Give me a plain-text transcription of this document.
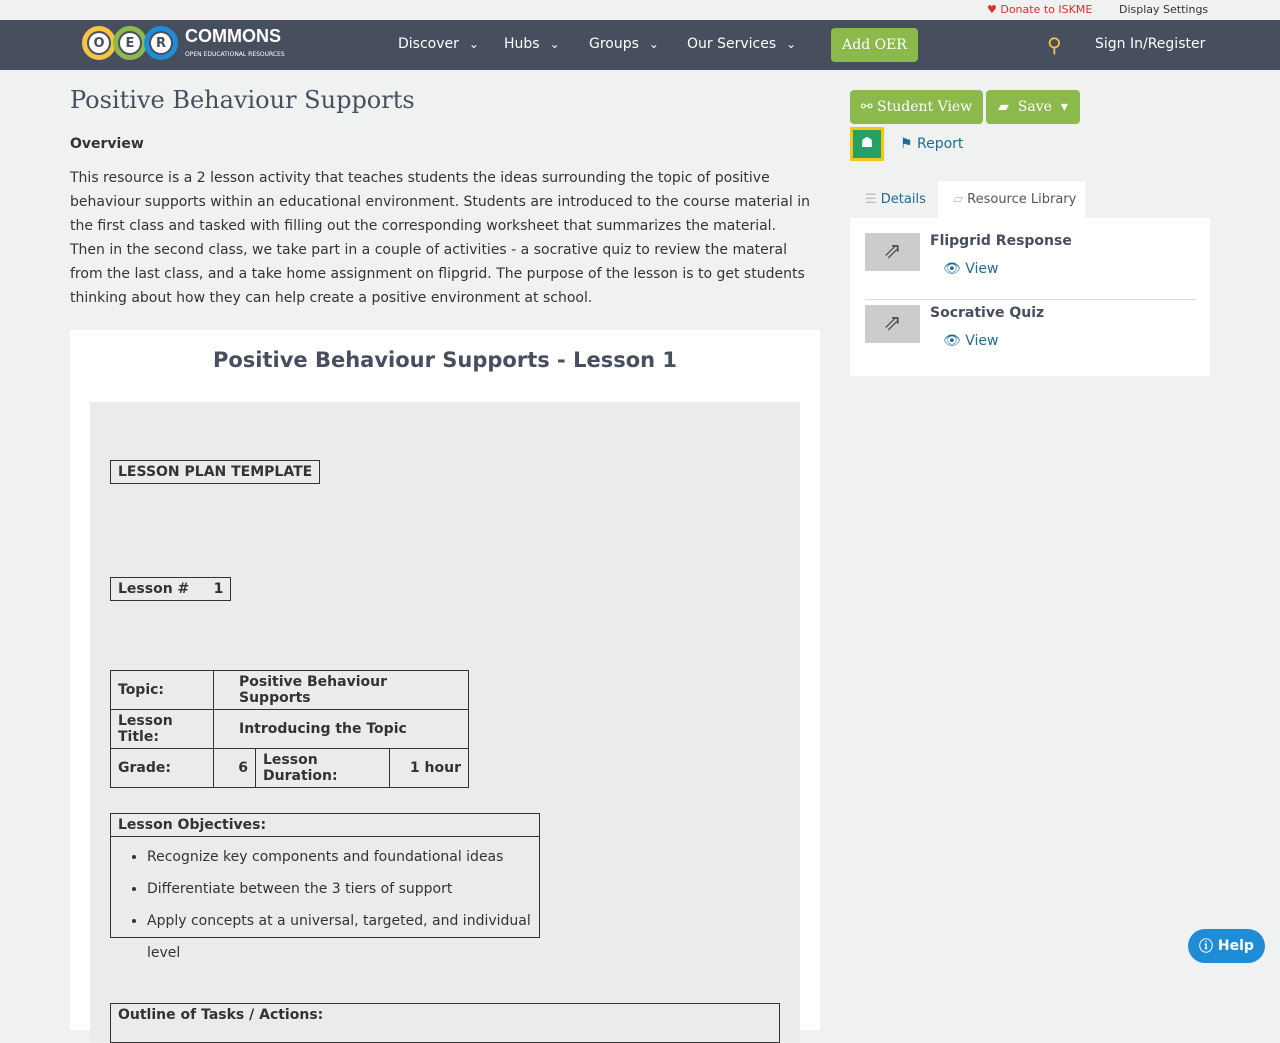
♥ Donate to ISKME Display Settings
O	E	R COMMONS
OPEN EDUCATIONAL RESOURCES
Discover ⌄	Hubs ⌄	Groups ⌄	Our Services ⌄	Add OER	⚲ Sign In/Register
Positive Behaviour Supports
Overview

This resource is a 2 lesson activity that teaches students the ideas surrounding the topic of positive behaviour supports within an educational environment. Students are introduced to the course material in the first class and tasked with filling out the corresponding worksheet that summarizes the material. Then in the second class, we take part in a couple of activities - a socrative quiz to review the materal from the last class, and a take home assignment on flipgrid. The purpose of the lesson is to get students thinking about how they can help create a positive environment at school.

Positive Behaviour Supports - Lesson 1
LESSON PLAN TEMPLATE
Lesson # 1
Topic:	Positive Behaviour Supports		
Lesson Title:	Introducing the Topic		
Grade:	6	Lesson Duration:	1 hour
Lesson Objectives:
• Recognize key components and foundational ideas
• Differentiate between the 3 tiers of support
• Apply concepts at a universal, targeted, and individual level
Outline of Tasks / Actions:
⚯
Student View ▰
Save
▾
☗	⚑ Report
☰ Details	▱ Resource Library
⇗	Flipgrid Response
👁 View
⇗	Socrative Quiz
👁 View
ⓘ
Help
